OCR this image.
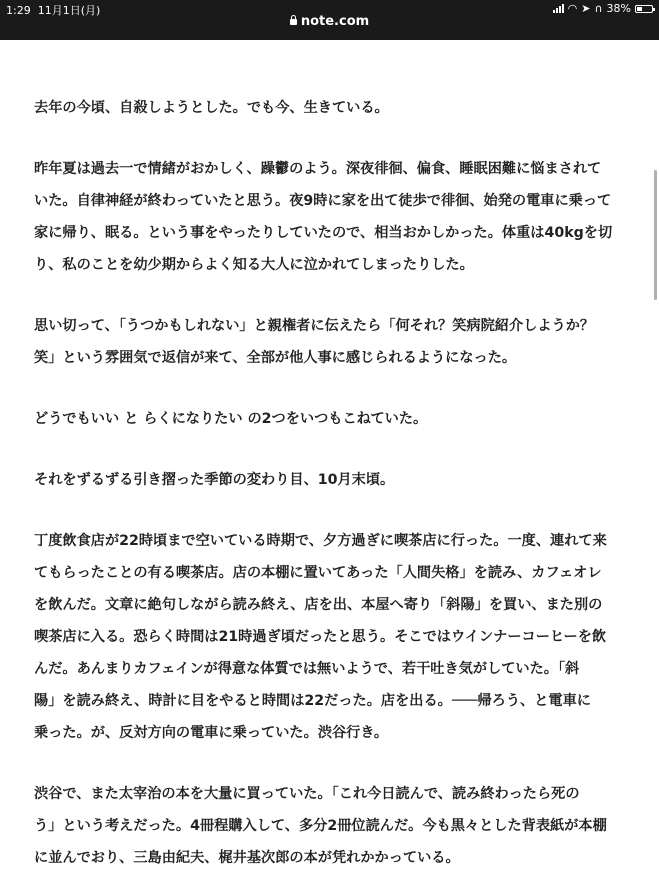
1:29 11月1日(月)	◠ ➤ ∩ 38%
note.com

去年の今頃、自殺しようとした。でも今、生きている。

昨年夏は過去一で情緒がおかしく、躁鬱のよう。深夜徘徊、偏食、睡眠困難に悩まされて
いた。自律神経が終わっていたと思う。夜9時に家を出て徒歩で徘徊、始発の電車に乗って
家に帰り、眠る。という事をやったりしていたので、相当おかしかった。体重は40kgを切
り、私のことを幼少期からよく知る大人に泣かれてしまったりした。

思い切って、「うつかもしれない」と親権者に伝えたら「何それ？笑病院紹介しようか？
笑」という雰囲気で返信が来て、全部が他人事に感じられるようになった。

どうでもいい と らくになりたい の2つをいつもこねていた。

それをずるずる引き摺った季節の変わり目、10月末頃。

丁度飲食店が22時頃まで空いている時期で、夕方過ぎに喫茶店に行った。一度、連れて来
てもらったことの有る喫茶店。店の本棚に置いてあった「人間失格」を読み、カフェオレ
を飲んだ。文章に絶句しながら読み終え、店を出、本屋へ寄り「斜陽」を買い、また別の
喫茶店に入る。恐らく時間は21時過ぎ頃だったと思う。そこではウインナーコーヒーを飲
んだ。あんまりカフェインが得意な体質では無いようで、若干吐き気がしていた。「斜
陽」を読み終え、時計に目をやると時間は22だった。店を出る。───帰ろう、と電車に
乗った。が、反対方向の電車に乗っていた。渋谷行き。

渋谷で、また太宰治の本を大量に買っていた。「これ今日読んで、読み終わったら死の
う」という考えだった。4冊程購入して、多分2冊位読んだ。今も黒々とした背表紙が本棚
に並んでおり、三島由紀夫、梶井基次郎の本が凭れかかっている。
